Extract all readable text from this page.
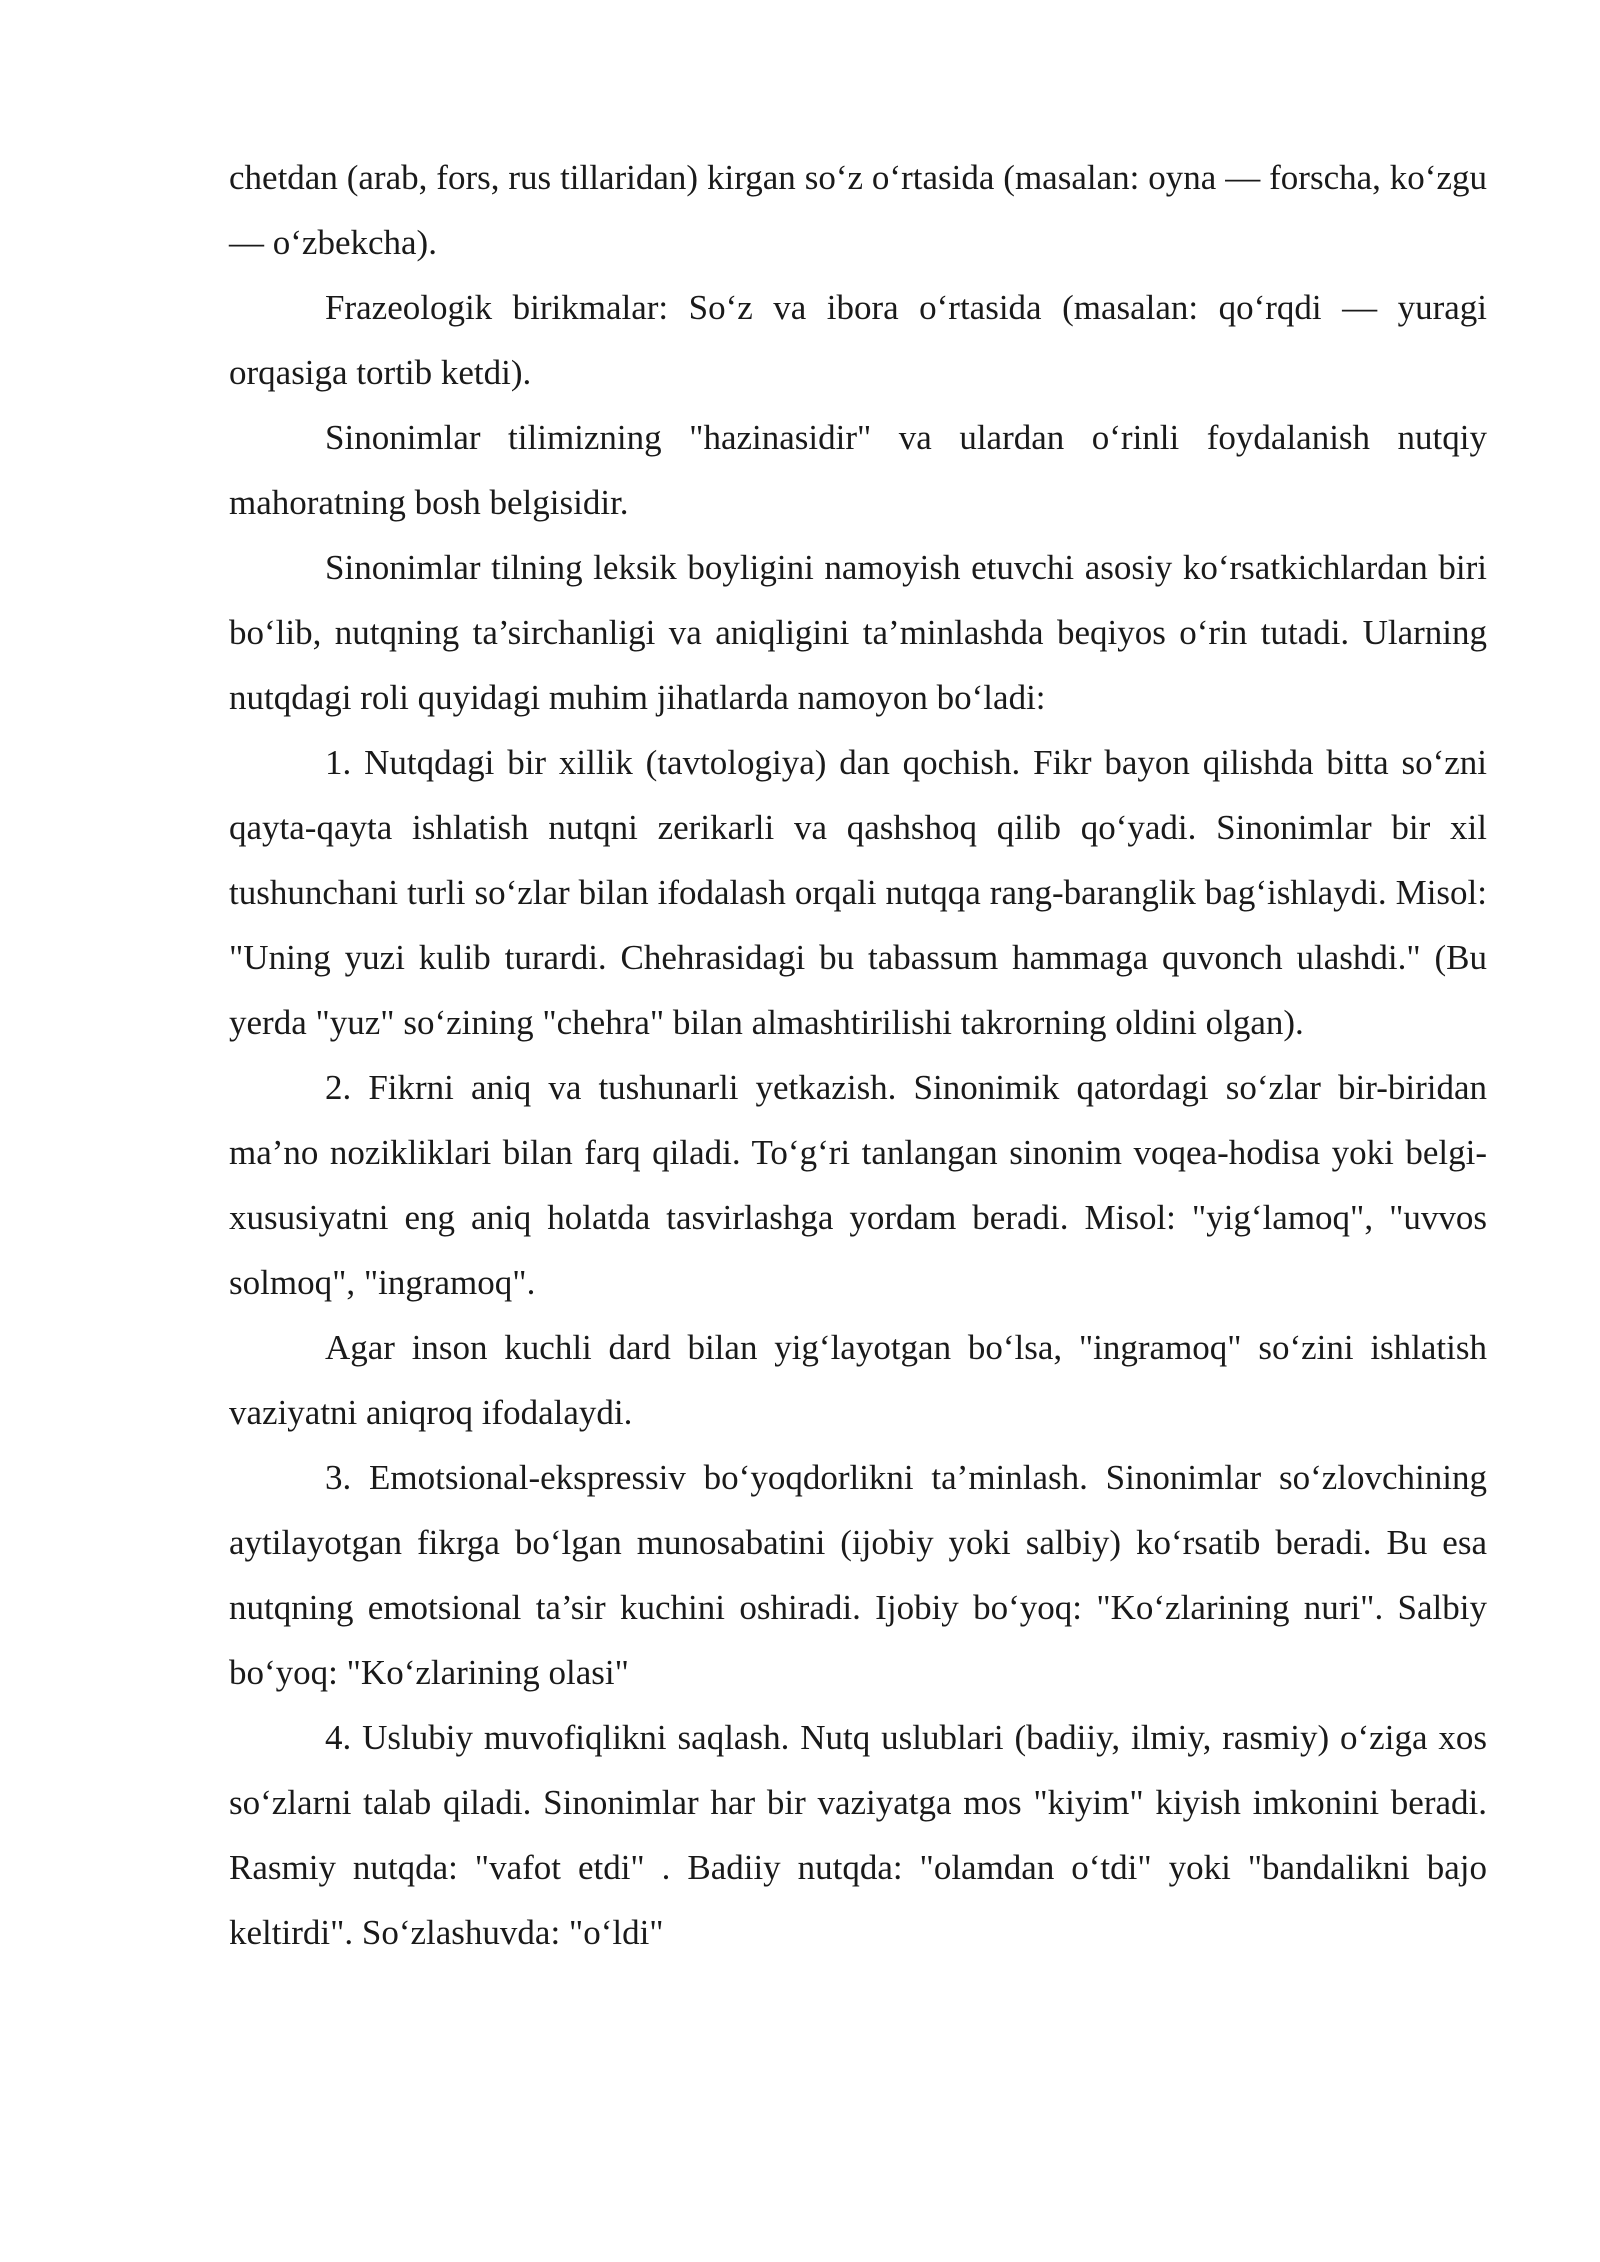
chetdan (arab, fors, rus tillaridan) kirgan so‘z o‘rtasida (masalan: oyna — forscha, ko‘zgu — o‘zbekcha).

Frazeologik birikmalar: So‘z va ibora o‘rtasida (masalan: qo‘rqdi — yuragi orqasiga tortib ketdi).

Sinonimlar tilimizning "hazinasidir" va ulardan o‘rinli foydalanish nutqiy mahoratning bosh belgisidir.

Sinonimlar tilning leksik boyligini namoyish etuvchi asosiy ko‘rsatkichlardan biri bo‘lib, nutqning ta’sirchanligi va aniqligini ta’minlashda beqiyos o‘rin tutadi. Ularning nutqdagi roli quyidagi muhim jihatlarda namoyon bo‘ladi:

1. Nutqdagi bir xillik (tavtologiya) dan qochish. Fikr bayon qilishda bitta so‘zni qayta-qayta ishlatish nutqni zerikarli va qashshoq qilib qo‘yadi. Sinonimlar bir xil tushunchani turli so‘zlar bilan ifodalash orqali nutqqa rang-baranglik bag‘ishlaydi. Misol: "Uning yuzi kulib turardi. Chehrasidagi bu tabassum hammaga quvonch ulashdi." (Bu yerda "yuz" so‘zining "chehra" bilan almashtirilishi takrorning oldini olgan).

2. Fikrni aniq va tushunarli yetkazish. Sinonimik qatordagi so‘zlar bir-biridan ma’no nozikliklari bilan farq qiladi. To‘g‘ri tanlangan sinonim voqea-hodisa yoki belgi-xususiyatni eng aniq holatda tasvirlashga yordam beradi. Misol: "yig‘lamoq", "uvvos solmoq", "ingramoq".

Agar inson kuchli dard bilan yig‘layotgan bo‘lsa, "ingramoq" so‘zini ishlatish vaziyatni aniqroq ifodalaydi.

3. Emotsional-ekspressiv bo‘yoqdorlikni ta’minlash. Sinonimlar so‘zlovchining aytilayotgan fikrga bo‘lgan munosabatini (ijobiy yoki salbiy) ko‘rsatib beradi. Bu esa nutqning emotsional ta’sir kuchini oshiradi. Ijobiy bo‘yoq: "Ko‘zlarining nuri". Salbiy bo‘yoq: "Ko‘zlarining olasi"

4. Uslubiy muvofiqlikni saqlash. Nutq uslublari (badiiy, ilmiy, rasmiy) o‘ziga xos so‘zlarni talab qiladi. Sinonimlar har bir vaziyatga mos "kiyim" kiyish imkonini beradi. Rasmiy nutqda: "vafot etdi" . Badiiy nutqda: "olamdan o‘tdi" yoki "bandalikni bajo keltirdi". So‘zlashuvda: "o‘ldi"
